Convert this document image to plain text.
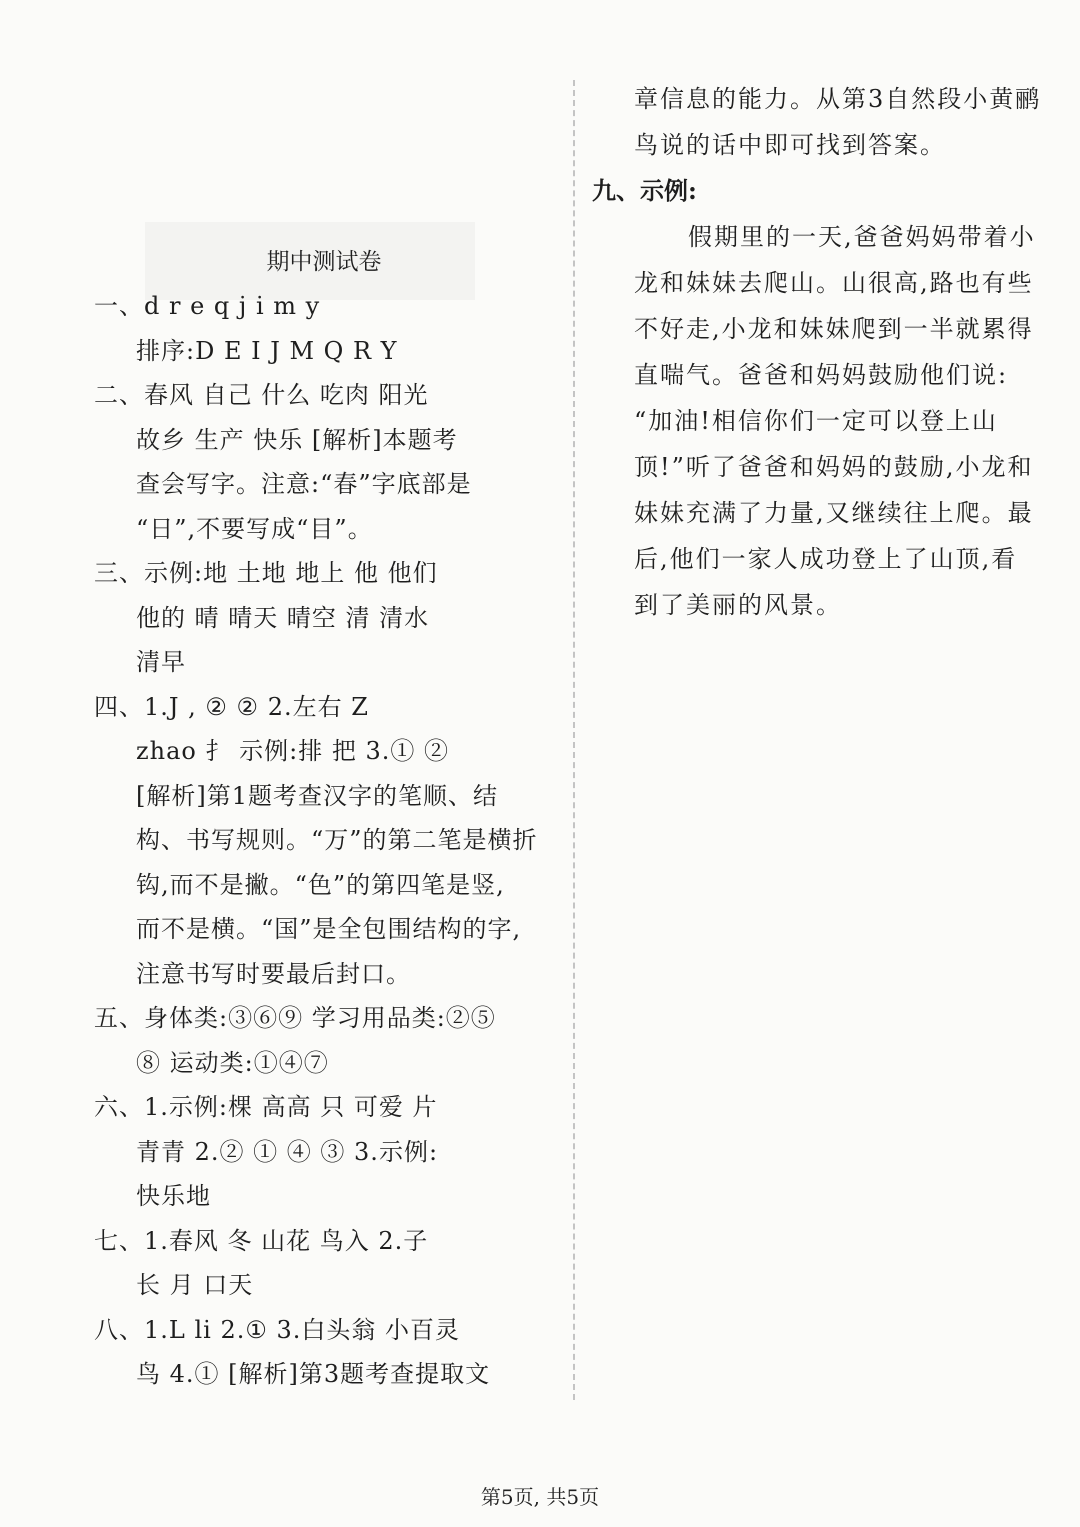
期中测试卷
一、d r e q j i m y
排序:D E I J M Q R Y
二、春风 自己 什么 吃肉 阳光
故乡 生产 快乐 [解析]本题考
查会写字。注意:“春”字底部是
“日”,不要写成“目”。
三、示例:地 土地 地上 他 他们
他的 晴 晴天 晴空 清 清水
清早
四、1.J , ② ② 2.左右 Z
zhao 扌 示例:排 把 3.① ②
[解析]第1题考查汉字的笔顺、结
构、书写规则。“万”的第二笔是横折
钩,而不是撇。“色”的第四笔是竖,
而不是横。“国”是全包围结构的字,
注意书写时要最后封口。
五、身体类:③⑥⑨ 学习用品类:②⑤
⑧ 运动类:①④⑦
六、1.示例:棵 高高 只 可爱 片
青青 2.② ① ④ ③ 3.示例:
快乐地
七、1.春风 冬 山花 鸟入 2.子
长 月 口天
八、1.L li 2.① 3.白头翁 小百灵
鸟 4.① [解析]第3题考查提取文
章信息的能力。从第3自然段小黄鹂
鸟说的话中即可找到答案。
九、示例:
假期里的一天,爸爸妈妈带着小
龙和妹妹去爬山。山很高,路也有些
不好走,小龙和妹妹爬到一半就累得
直喘气。爸爸和妈妈鼓励他们说:
“加油!相信你们一定可以登上山
顶!”听了爸爸和妈妈的鼓励,小龙和
妹妹充满了力量,又继续往上爬。最
后,他们一家人成功登上了山顶,看
到了美丽的风景。
第5页, 共5页
